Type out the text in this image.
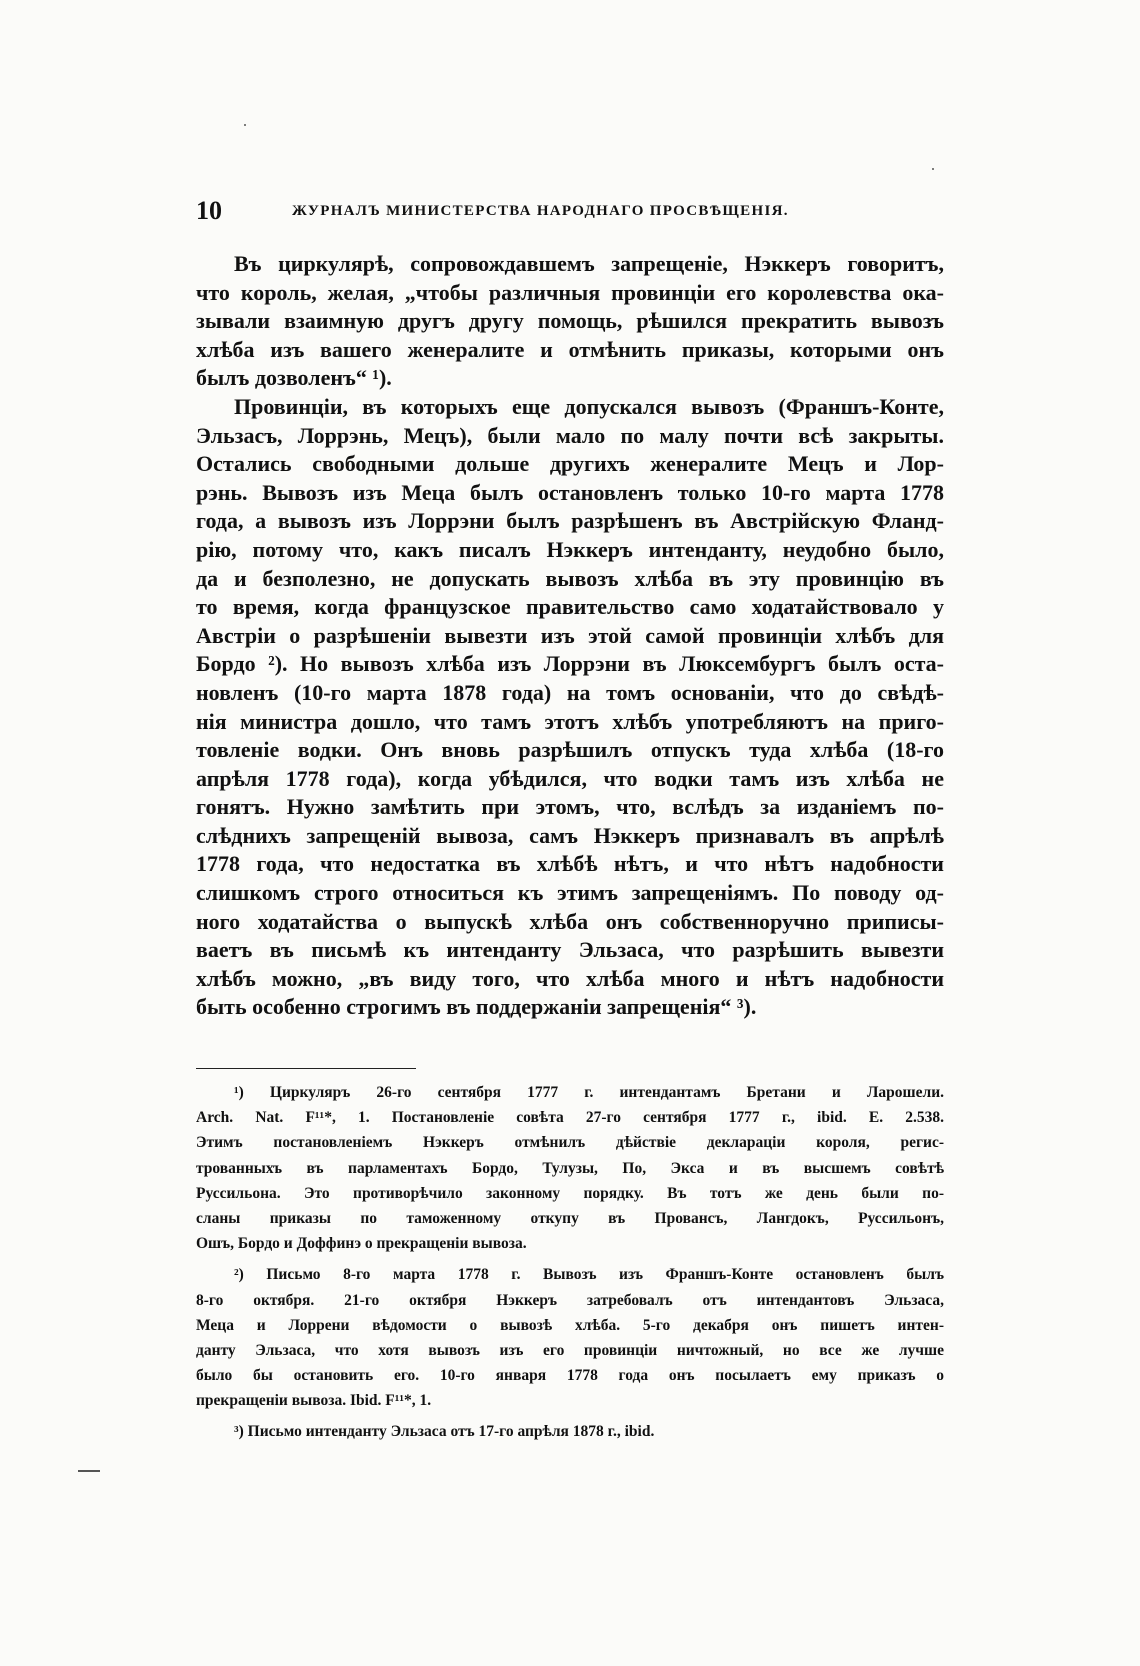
10	ЖУРНАЛЪ МИНИСТЕРСТВА НАРОДНАГО ПРОСВѢЩЕНІЯ.
Въ циркулярѣ, сопровождавшемъ запрещеніе, Нэккеръ говоритъ,
что король, желая, „чтобы различныя провинціи его королевства ока-
зывали взаимную другъ другу помощь, рѣшился прекратить вывозъ
хлѣба изъ вашего женералите и отмѣнить приказы, которыми онъ
былъ дозволенъ“ ¹).
Провинціи, въ которыхъ еще допускался вывозъ (Франшъ-Конте,
Эльзасъ, Лоррэнь, Мецъ), были мало по малу почти всѣ закрыты.
Остались свободными дольше другихъ женералите Мецъ и Лор-
рэнь. Вывозъ изъ Меца былъ остановленъ только 10-го марта 1778
года, а вывозъ изъ Лоррэни былъ разрѣшенъ въ Австрійскую Фланд-
рію, потому что, какъ писалъ Нэккеръ интенданту, неудобно было,
да и безполезно, не допускать вывозъ хлѣба въ эту провинцію въ
то время, когда французское правительство само ходатайствовало у
Австріи о разрѣшеніи вывезти изъ этой самой провинціи хлѣбъ для
Бордо ²). Но вывозъ хлѣба изъ Лоррэни въ Люксембургъ былъ оста-
новленъ (10-го марта 1878 года) на томъ основаніи, что до свѣдѣ-
нія министра дошло, что тамъ этотъ хлѣбъ употребляютъ на приго-
товленіе водки. Онъ вновь разрѣшилъ отпускъ туда хлѣба (18-го
апрѣля 1778 года), когда убѣдился, что водки тамъ изъ хлѣба не
гонятъ. Нужно замѣтить при этомъ, что, вслѣдъ за изданіемъ по-
слѣднихъ запрещеній вывоза, самъ Нэккеръ признавалъ въ апрѣлѣ
1778 года, что недостатка въ хлѣбѣ нѣтъ, и что нѣтъ надобности
слишкомъ строго относиться къ этимъ запрещеніямъ. По поводу од-
ного ходатайства о выпускѣ хлѣба онъ собственноручно приписы-
ваетъ въ письмѣ къ интенданту Эльзаса, что разрѣшить вывезти
хлѣбъ можно, „въ виду того, что хлѣба много и нѣтъ надобности
быть особенно строгимъ въ поддержаніи запрещенія“ ³).
¹) Циркуляръ 26-го сентября 1777 г. интендантамъ Бретани и Ларошели.
Arch. Nat. F¹¹*, 1. Постановленіе совѣта 27-го сентября 1777 г., ibid. E. 2.538.
Этимъ постановленіемъ Нэккеръ отмѣнилъ дѣйствіе деклараціи короля, регис-
трованныхъ въ парламентахъ Бордо, Тулузы, По, Экса и въ высшемъ совѣтѣ
Руссильона. Это противорѣчило законному порядку. Въ тотъ же день были по-
сланы приказы по таможенному откупу въ Провансъ, Лангдокъ, Руссильонъ,
Ошъ, Бордо и Доффинэ о прекращеніи вывоза.
²) Письмо 8-го марта 1778 г. Вывозъ изъ Франшъ-Конте остановленъ былъ
8-го октября. 21-го октября Нэккеръ затребовалъ отъ интендантовъ Эльзаса,
Меца и Лоррени вѣдомости о вывозѣ хлѣба. 5-го декабря онъ пишетъ интен-
данту Эльзаса, что хотя вывозъ изъ его провинціи ничтожный, но все же лучше
было бы остановить его. 10-го января 1778 года онъ посылаетъ ему приказъ о
прекращеніи вывоза. Ibid. F¹¹*, 1.
³) Письмо интенданту Эльзаса отъ 17-го апрѣля 1878 г., ibid.
